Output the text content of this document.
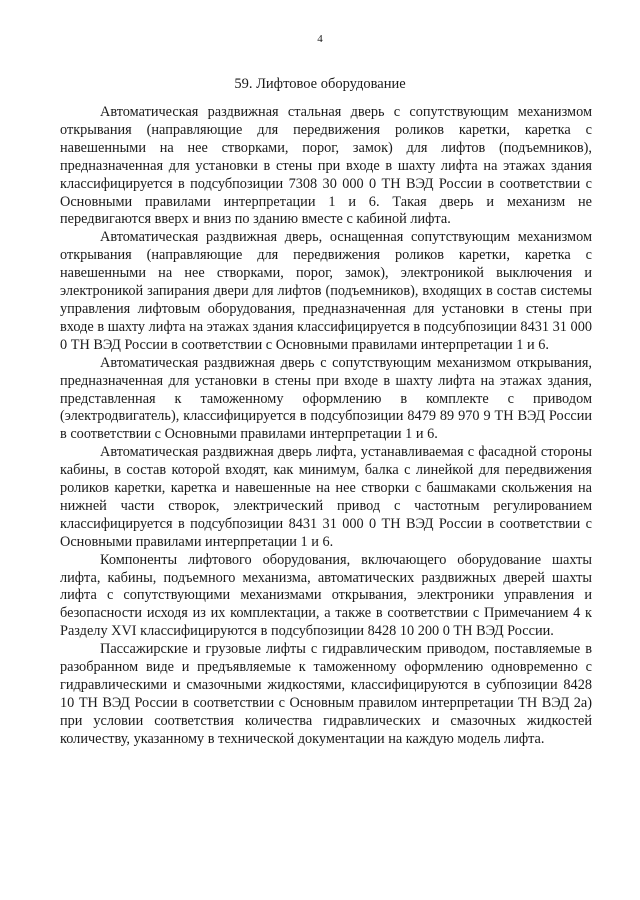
4
59. Лифтовое оборудование

Автоматическая раздвижная стальная дверь с сопутствующим механизмом открывания (направляющие для передвижения роликов каретки, каретка с навешенными на нее створками, порог, замок) для лифтов (подъемников), предназначенная для установки в стены при входе в шахту лифта на этажах здания классифицируется в подсубпозиции 7308 30 000 0 ТН ВЭД России в соответствии с Основными правилами интерпретации 1 и 6. Такая дверь и механизм не передвигаются вверх и вниз по зданию вместе с кабиной лифта.

Автоматическая раздвижная дверь, оснащенная сопутствующим механизмом открывания (направляющие для передвижения роликов каретки, каретка с навешенными на нее створками, порог, замок), электроникой выключения и электроникой запирания двери для лифтов (подъемников), входящих в состав системы управления лифтовым оборудования, предназначенная для установки в стены при входе в шахту лифта на этажах здания классифицируется в подсубпозиции 8431 31 000 0 ТН ВЭД России в соответствии с Основными правилами интерпретации 1 и 6.

Автоматическая раздвижная дверь с сопутствующим механизмом открывания, предназначенная для установки в стены при входе в шахту лифта на этажах здания, представленная к таможенному оформлению в комплекте с приводом (электродвигатель), классифицируется в подсубпозиции 8479 89 970 9 ТН ВЭД России в соответствии с Основными правилами интерпретации 1 и 6.

Автоматическая раздвижная дверь лифта, устанавливаемая с фасадной стороны кабины, в состав которой входят, как минимум, балка с линейкой для передвижения роликов каретки, каретка и навешенные на нее створки с башмаками скольжения на нижней части створок, электрический привод с частотным регулированием классифицируется в подсубпозиции 8431 31 000 0 ТН ВЭД России в соответствии с Основными правилами интерпретации 1 и 6.

Компоненты лифтового оборудования, включающего оборудование шахты лифта, кабины, подъемного механизма, автоматических раздвижных дверей шахты лифта с сопутствующими механизмами открывания, электроники управления и безопасности исходя из их комплектации, а также в соответствии с Примечанием 4 к Разделу XVI классифицируются в подсубпозиции 8428 10 200 0 ТН ВЭД России.

Пассажирские и грузовые лифты с гидравлическим приводом, поставляемые в разобранном виде и предъявляемые к таможенному оформлению одновременно с гидравлическими и смазочными жидкостями, классифицируются в субпозиции 8428 10 ТН ВЭД России в соответствии с Основным правилом интерпретации ТН ВЭД 2а) при условии соответствия количества гидравлических и смазочных жидкостей количеству, указанному в технической документации на каждую модель лифта.
